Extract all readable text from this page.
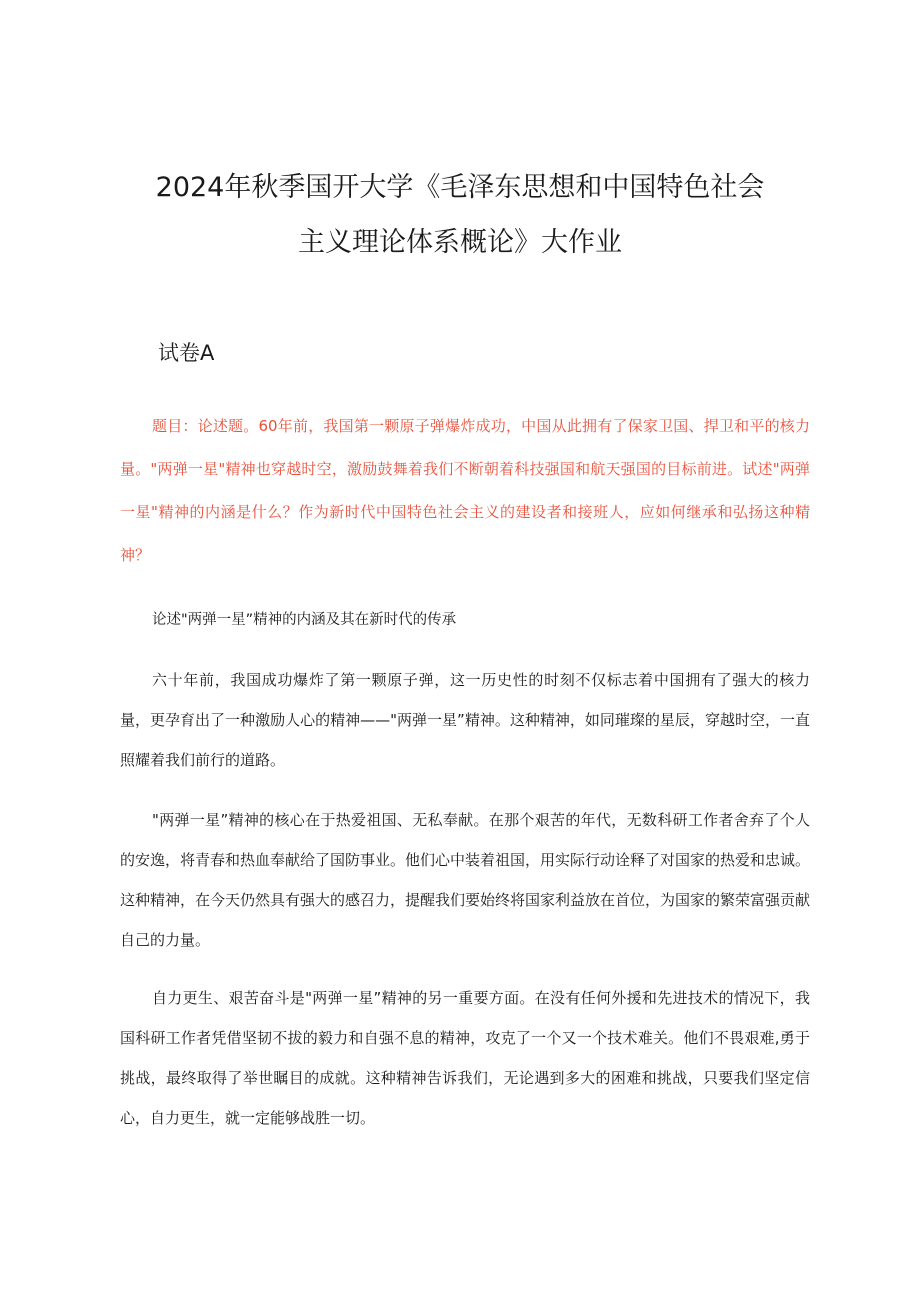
2024年秋季国开大学《毛泽东思想和中国特色社会
主义理论体系概论》大作业

试卷A

题目：论述题。60年前，我国第一颗原子弹爆炸成功，中国从此拥有了保家卫国、捍卫和平的核力量。"两弹一星"精神也穿越时空，激励鼓舞着我们不断朝着科技强国和航天强国的目标前进。试述"两弹一星"精神的内涵是什么？作为新时代中国特色社会主义的建设者和接班人，应如何继承和弘扬这种精神？

论述"两弹一星”精神的内涵及其在新时代的传承

六十年前，我国成功爆炸了第一颗原子弹，这一历史性的时刻不仅标志着中国拥有了强大的核力量，更孕育出了一种激励人心的精神——"两弹一星”精神。这种精神，如同璀璨的星辰，穿越时空，一直照耀着我们前行的道路。

"两弹一星”精神的核心在于热爱祖国、无私奉献。在那个艰苦的年代，无数科研工作者舍弃了个人的安逸，将青春和热血奉献给了国防事业。他们心中装着祖国，用实际行动诠释了对国家的热爱和忠诚。这种精神，在今天仍然具有强大的感召力，提醒我们要始终将国家利益放在首位，为国家的繁荣富强贡献自己的力量。

自力更生、艰苦奋斗是"两弹一星”精神的另一重要方面。在没有任何外援和先进技术的情况下，我国科研工作者凭借坚韧不拔的毅力和自强不息的精神，攻克了一个又一个技术难关。他们不畏艰难,勇于挑战，最终取得了举世瞩目的成就。这种精神告诉我们，无论遇到多大的困难和挑战，只要我们坚定信心，自力更生，就一定能够战胜一切。
